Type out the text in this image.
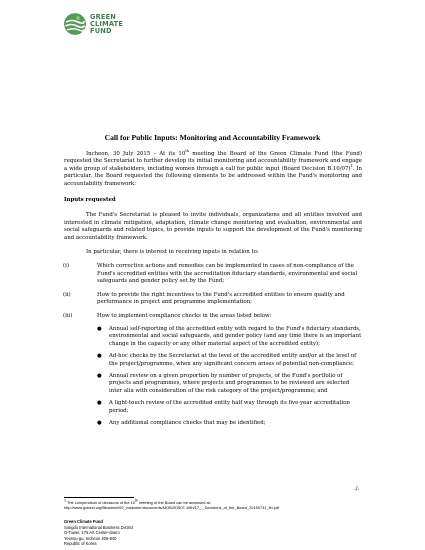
GREEN
CLIMATE
FUND
Call for Public Inputs: Monitoring and Accountability Framework

Incheon, 30 July 2015 – At its 10th meeting the Board of the Green Climate Fund (the Fund) requested the Secretariat to further develop its initial monitoring and accountability framework and engage a wide group of stakeholders, including women through a call for public input (Board Decision B.10/07)$^1$. In particular, the Board requested the following elements to be addressed within the Fund's monitoring and accountability framework:

Inputs requested

The Fund's Secretariat is pleased to invite individuals, organizations and all entities involved and interested in climate mitigation, adaptation, climate change monitoring and evaluation, environmental and social safeguards and related topics, to provide inputs to support the development of the Fund's monitoring and accountability framework.

In particular, there is interest in receiving inputs in relation to:

(i)	Which corrective actions and remedies can be implemented in cases of non-compliance of the Fund's accredited entities with the accreditation fiduciary standards, environmental and social safeguards and gender policy set by the Fund;
(ii)	How to provide the right incentives to the Fund's accredited entities to ensure quality and performance in project and programme implementation;
(iii)	How to implement compliance checks in the areas listed below:
●	Annual self-reporting of the accredited entity with regard to the Fund's fiduciary standards, environmental and social safeguards, and gender policy (and any time there is an important change in the capacity or any other material aspect of the accredited entity);
●	Ad-hoc checks by the Secretariat at the level of the accredited entity and/or at the level of the project/programme, when any significant concern arises of potential non-compliance;
●	Annual review on a given proportion by number of projects, of the Fund's portfolio of projects and programmes, where projects and programmes to be reviewed are selected inter alia with consideration of the risk category of the project/programme; and
●	A light-touch review of the accredited entity half way through its five-year accreditation period;
●	Any additional compliance checks that may be identified;
./.
1 The compendium of decisions of the 10th meeting of the Board can be accessed at:
http://www.gcfund.org/fileadmin/00_customer/documents/MOB201507-10th/17_-_Decisions_of_the_Board_20150731_fin.pdf
Green Climate Fund
Songdo International Business District
G-Tower, 175 Art Center-daero
Yeonsu-gu, Incheon 406-840
Republic of Korea
